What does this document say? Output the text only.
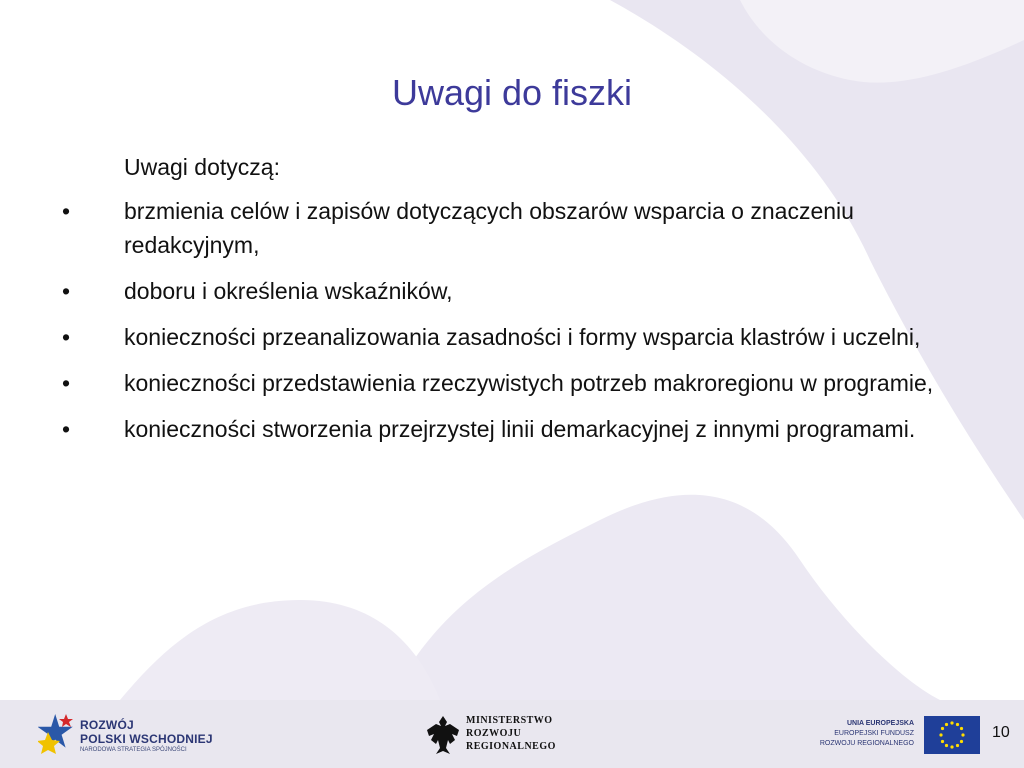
Uwagi do fiszki
Uwagi dotyczą:
•	brzmienia celów i zapisów dotyczących obszarów wsparcia o znaczeniu redakcyjnym,
•	doboru i określenia wskaźników,
•	konieczności przeanalizowania zasadności i formy wsparcia klastrów i uczelni,
•	konieczności przedstawienia rzeczywistych potrzeb makroregionu w programie,
•	konieczności stworzenia przejrzystej linii demarkacyjnej z innymi programami.
ROZWÓJ
POLSKI WSCHODNIEJ
NARODOWA STRATEGIA SPÓJNOŚCI
MINISTERSTWO
ROZWOJU
REGIONALNEGO
UNIA EUROPEJSKA
EUROPEJSKI FUNDUSZ
ROZWOJU REGIONALNEGO
10
